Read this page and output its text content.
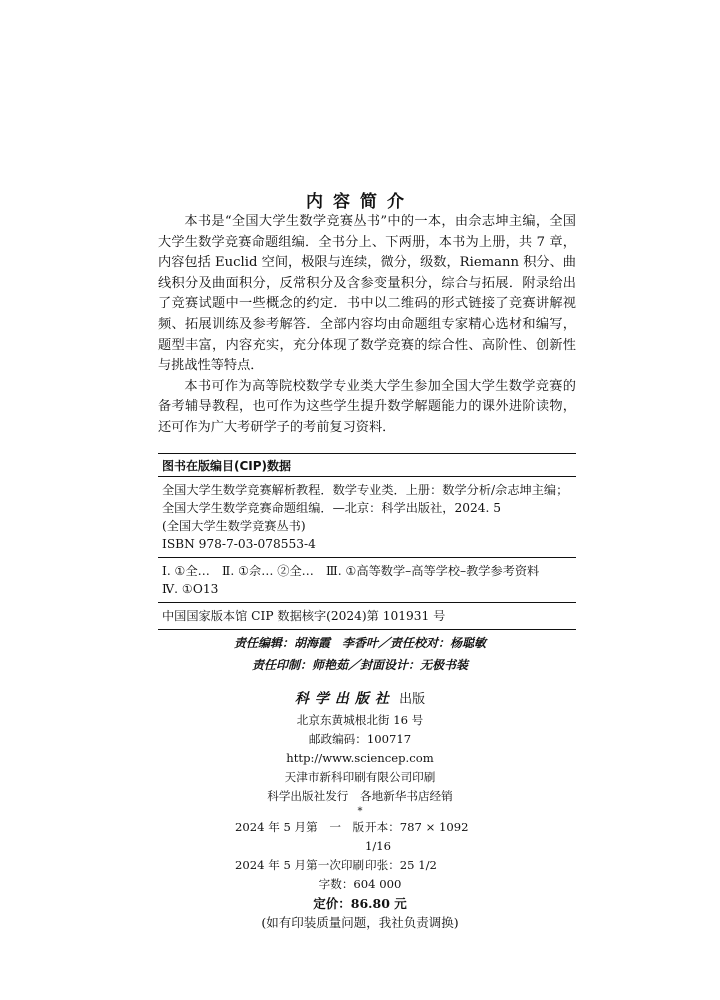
内容简介

本书是“全国大学生数学竞赛丛书”中的一本，由佘志坤主编，全国大学生数学竞赛命题组编．全书分上、下两册，本书为上册，共 7 章，内容包括 Euclid 空间，极限与连续，微分，级数，Riemann 积分、曲线积分及曲面积分，反常积分及含参变量积分，综合与拓展．附录给出了竞赛试题中一些概念的约定．书中以二维码的形式链接了竞赛讲解视频、拓展训练及参考解答．全部内容均由命题组专家精心选材和编写，题型丰富，内容充实，充分体现了数学竞赛的综合性、高阶性、创新性与挑战性等特点．

本书可作为高等院校数学专业类大学生参加全国大学生数学竞赛的备考辅导教程，也可作为这些学生提升数学解题能力的课外进阶读物，还可作为广大考研学子的考前复习资料．

图书在版编目(CIP)数据
全国大学生数学竞赛解析教程．数学专业类．上册：数学分析/佘志坤主编；
全国大学生数学竞赛命题组编．—北京：科学出版社，2024. 5
(全国大学生数学竞赛丛书)
ISBN 978-7-03-078553-4
Ⅰ. ①全…　Ⅱ. ①佘… ②全…　Ⅲ. ①高等数学–高等学校–教学参考资料
Ⅳ. ①O13
中国国家版本馆 CIP 数据核字(2024)第 101931 号
责任编辑：胡海霞　李香叶／责任校对：杨聪敏
责任印制：师艳茹／封面设计：无极书装
科学出版社 出版
北京东黄城根北街 16 号
邮政编码：100717
http://www.sciencep.com
天津市新科印刷有限公司印刷
科学出版社发行　各地新华书店经销
*
2024 年 5 月第　一　版 开本：787 × 1092 1/16
2024 年 5 月第一次印刷 印张：25 1/2
字数：604 000
定价：86.80 元
(如有印装质量问题，我社负责调换)
